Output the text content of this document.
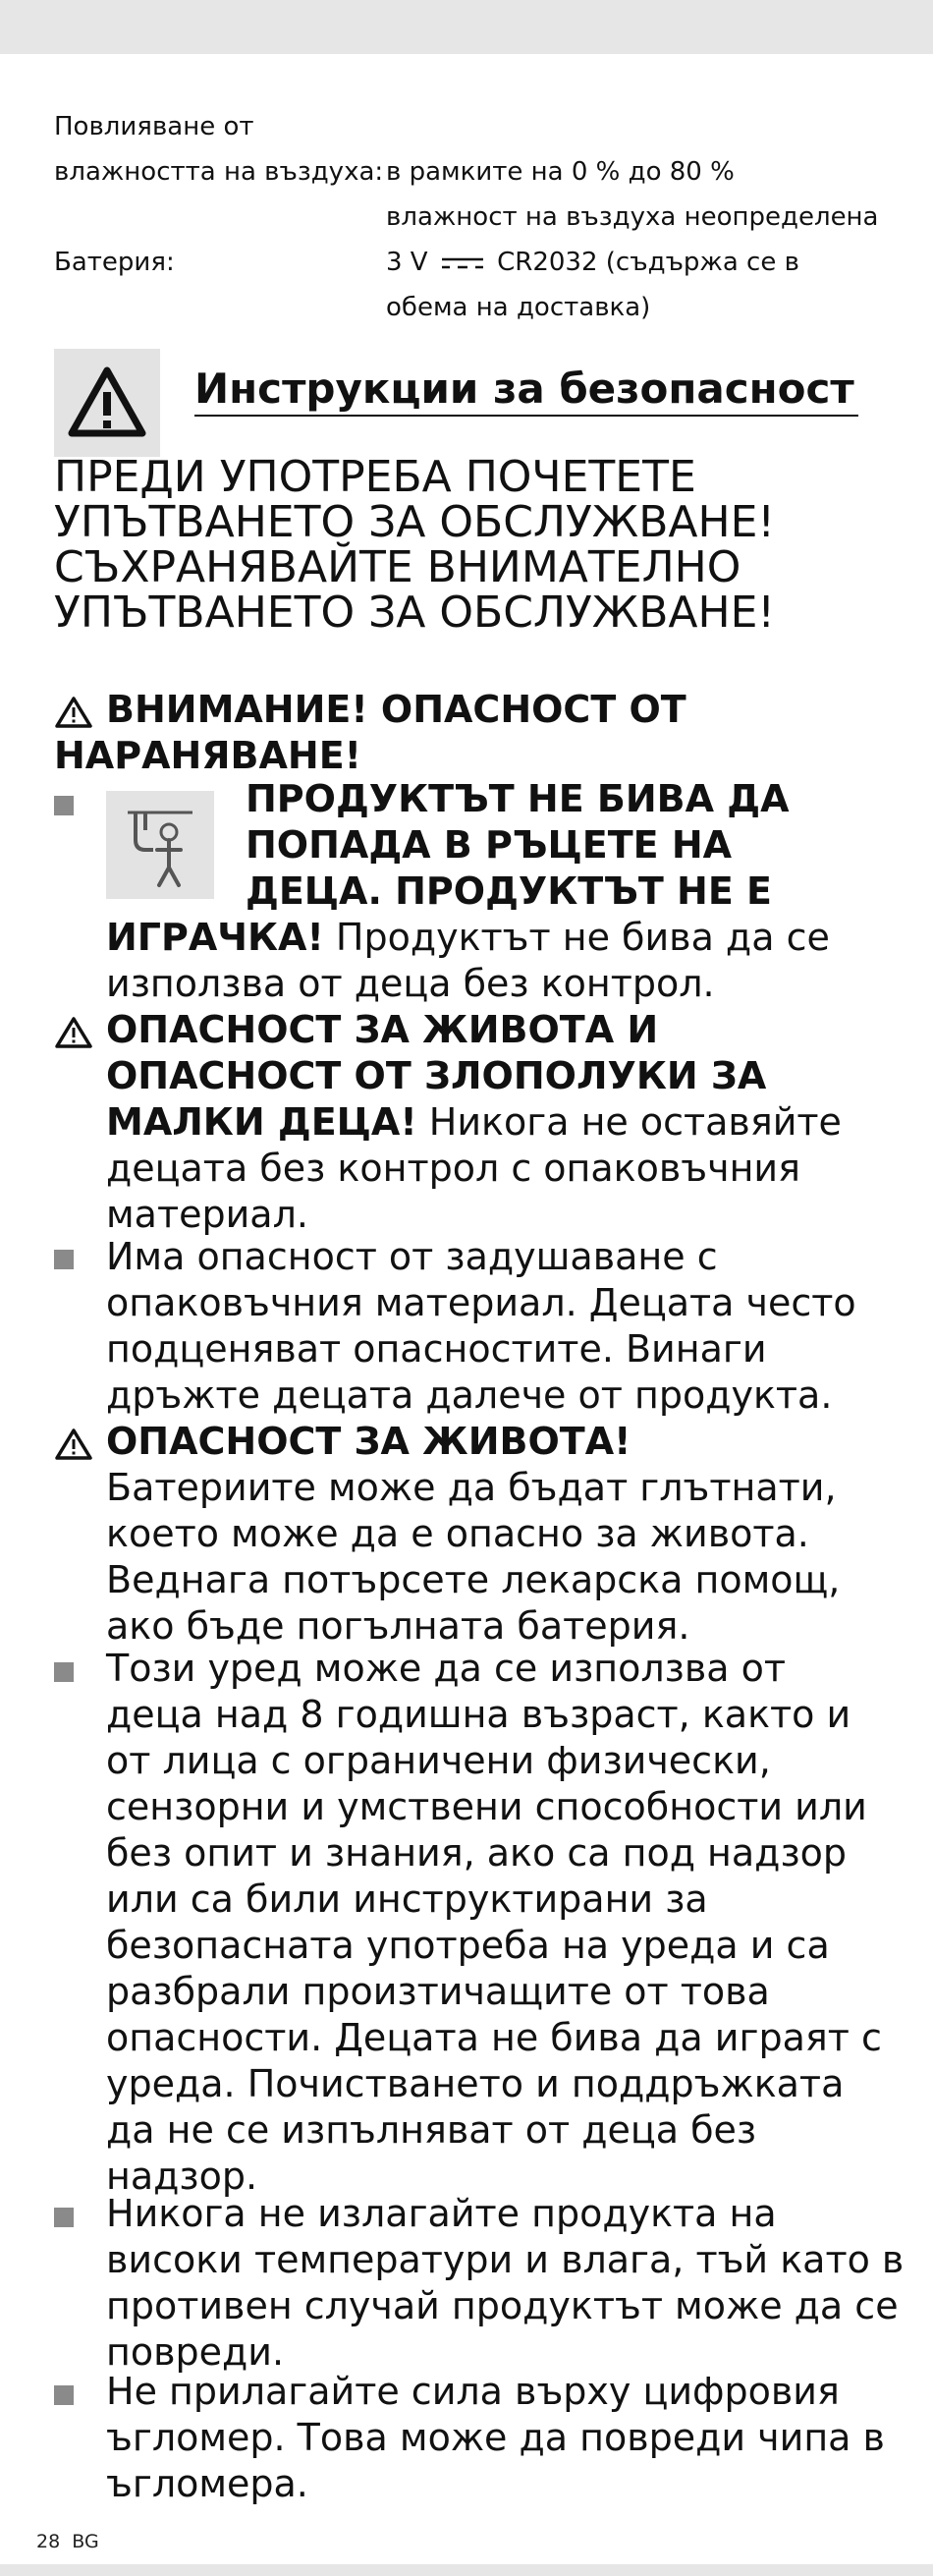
Повлияване от
влажността на въздуха: в рамките на 0 % до 80 %
влажност на въздуха неопределена
Батерия:	3 V	CR2032 (съдържа се в
обема на доставка)
Инструкции за безопасност
ПРЕДИ УПОТРЕБА ПОЧЕТЕТЕ
УПЪТВАНЕТО ЗА ОБСЛУЖВАНЕ!
СЪХРАНЯВАЙТЕ ВНИМАТЕЛНО
УПЪТВАНЕТО ЗА ОБСЛУЖВАНЕ!
ВНИМАНИЕ! ОПАСНОСТ ОТ
НАРАНЯВАНЕ!
ПРОДУКТЪТ НЕ БИВА ДА
ПОПАДА В РЪЦЕТЕ НА
ДЕЦА. ПРОДУКТЪТ НЕ Е
ИГРАЧКА! Продуктът не бива да се
използва от деца без контрол.
ОПАСНОСТ ЗА ЖИВОТА И
ОПАСНОСТ ОТ ЗЛОПОЛУКИ ЗА
МАЛКИ ДЕЦА! Никога не оставяйте
децата без контрол с опаковъчния
материал.
Има опасност от задушаване с
опаковъчния материал. Децата често
подценяват опасностите. Винаги
дръжте децата далече от продукта.
ОПАСНОСТ ЗА ЖИВОТА!
Батериите може да бъдат глътнати,
което може да е опасно за живота.
Веднага потърсете лекарска помощ,
ако бъде погълната батерия.
Този уред може да се използва от
деца над 8 годишна възраст, както и
от лица с ограничени физически,
сензорни и умствени способности или
без опит и знания, ако са под надзор
или са били инструктирани за
безопасната употреба на уреда и са
разбрали произтичащите от това
опасности. Децата не бива да играят с
уреда. Почистването и поддръжката
да не се изпълняват от деца без
надзор.
Никога не излагайте продукта на
високи температури и влага, тъй като в
противен случай продуктът може да се
повреди.
Не прилагайте сила върху цифровия
ъгломер. Това може да повреди чипа в
ъгломера.
28 BG
